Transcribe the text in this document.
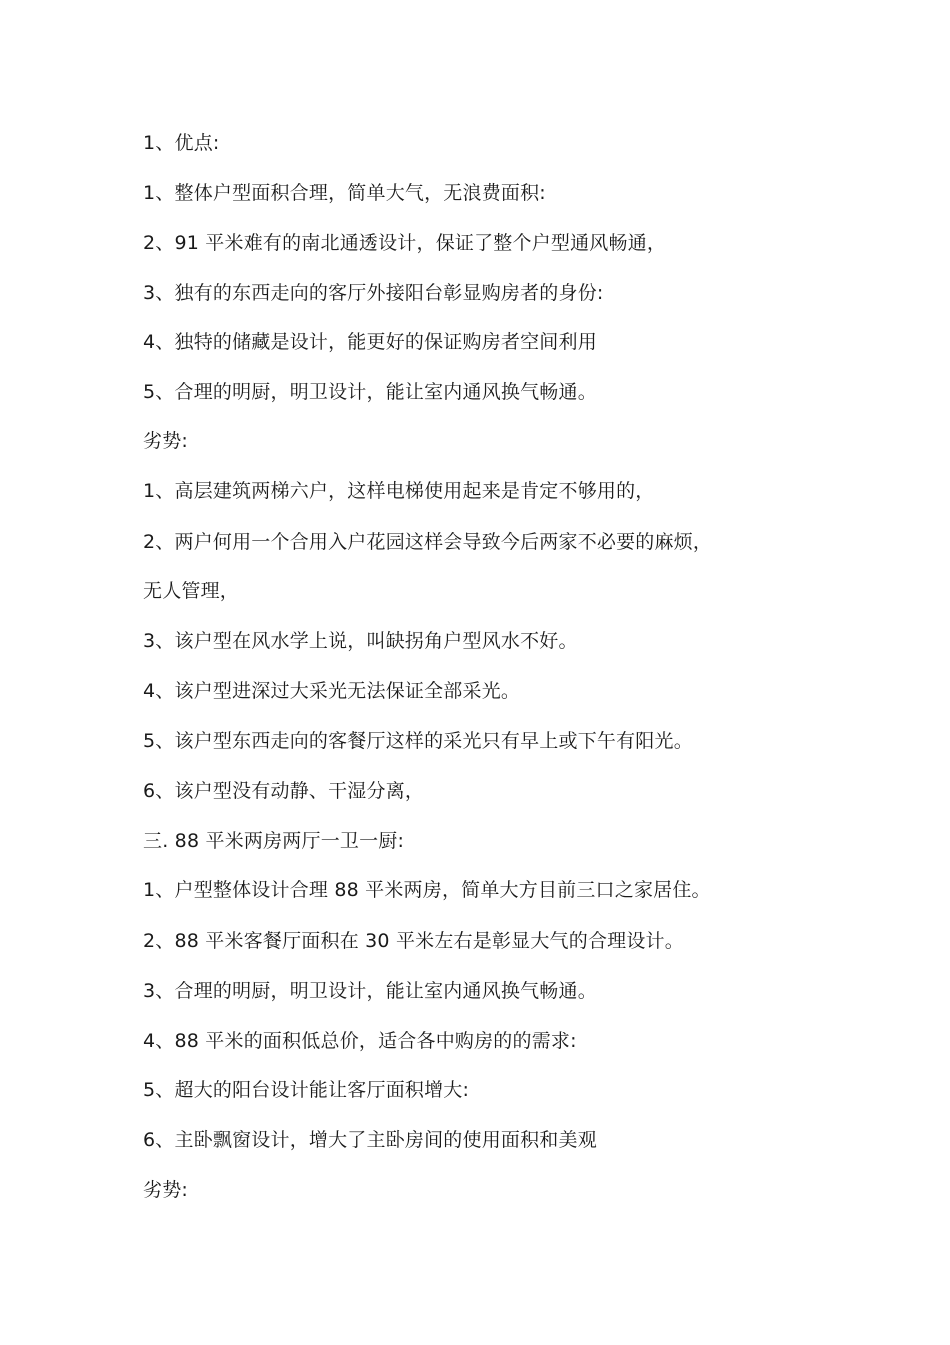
1、优点:
1、整体户型面积合理，简单大气，无浪费面积:
2、91 平米难有的南北通透设计，保证了整个户型通风畅通，
3、独有的东西走向的客厅外接阳台彰显购房者的身份:
4、独特的储藏是设计，能更好的保证购房者空间利用
5、合理的明厨，明卫设计，能让室内通风换气畅通。
劣势:
1、高层建筑两梯六户，这样电梯使用起来是肯定不够用的，
2、两户何用一个合用入户花园这样会导致今后两家不必要的麻烦，
无人管理，
3、该户型在风水学上说，叫缺拐角户型风水不好。
4、该户型进深过大采光无法保证全部采光。
5、该户型东西走向的客餐厅这样的采光只有早上或下午有阳光。
6、该户型没有动静、干湿分离，
三. 88 平米两房两厅一卫一厨:
1、户型整体设计合理 88 平米两房，简单大方目前三口之家居住。
2、88 平米客餐厅面积在 30 平米左右是彰显大气的合理设计。
3、合理的明厨，明卫设计，能让室内通风换气畅通。
4、88 平米的面积低总价，适合各中购房的的需求:
5、超大的阳台设计能让客厅面积增大:
6、主卧飘窗设计，增大了主卧房间的使用面积和美观
劣势:
